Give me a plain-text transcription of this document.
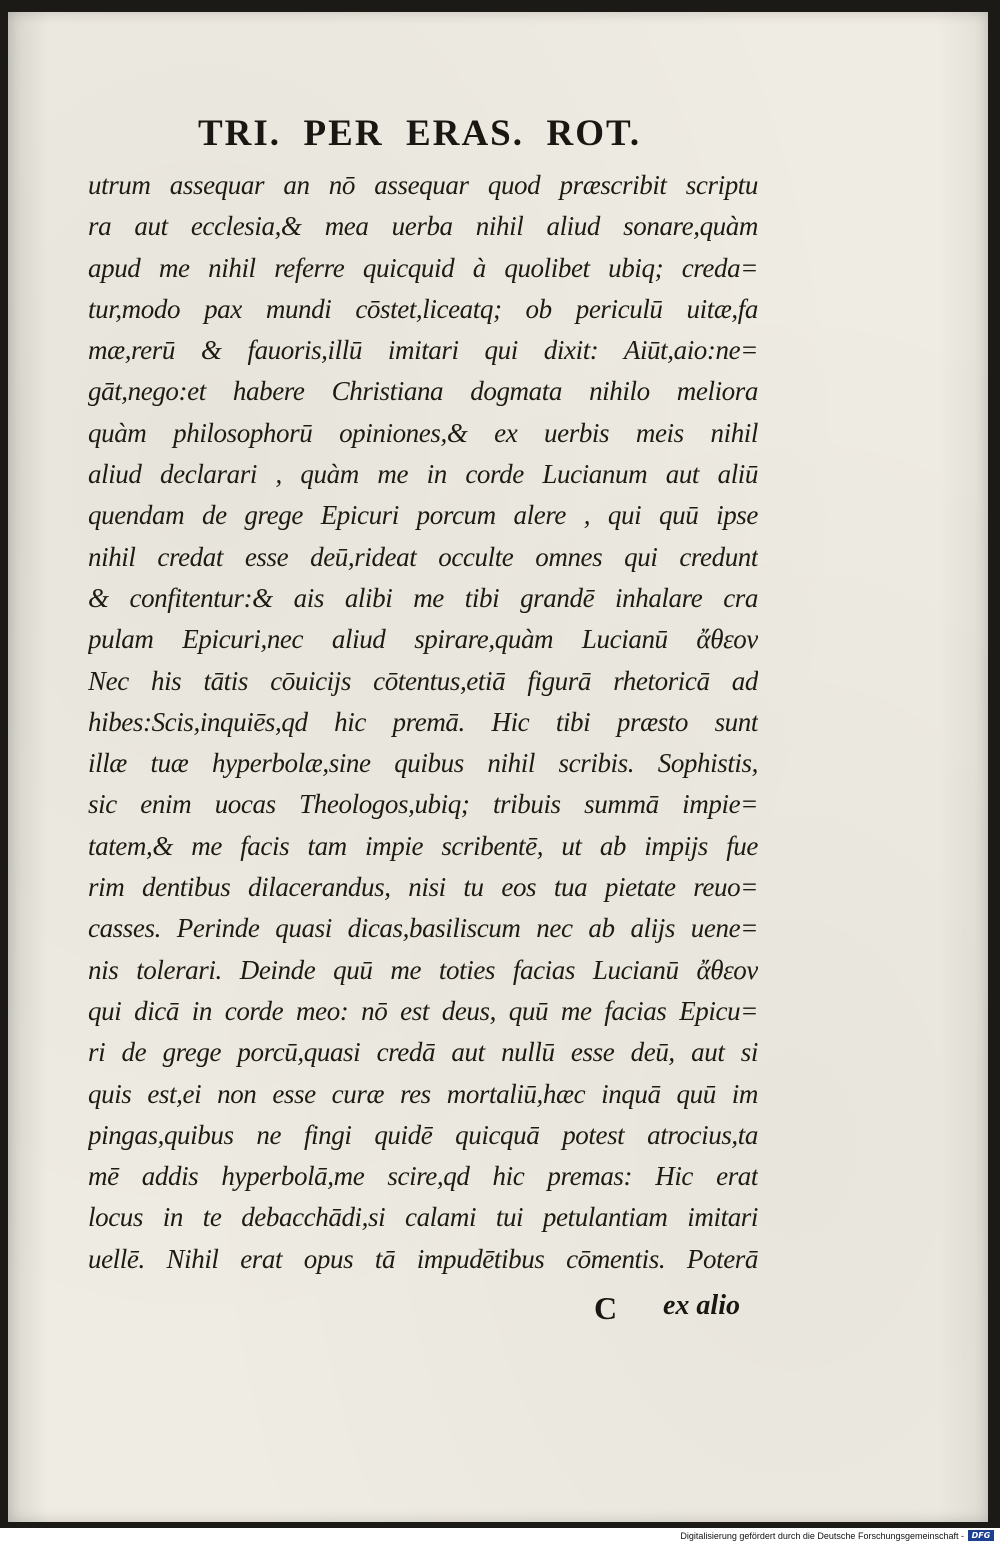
TRI.  PER  ERAS.  ROT.
utrum assequar an nō assequar quod præscribit scriptu
ra aut ecclesia,& mea uerba nihil aliud sonare,quàm
apud me nihil referre quicquid à quolibet ubiq; creda=
tur,modo pax mundi cōstet,liceatq; ob periculū uitæ,fa
mæ,rerū & fauoris,illū imitari qui dixit: Aiūt,aio:ne=
gāt,nego:et habere Christiana dogmata nihilo meliora
quàm philosophorū opiniones,& ex uerbis meis nihil
aliud declarari , quàm me in corde Lucianum aut aliū
quendam de grege Epicuri porcum alere , qui quū ipse
nihil credat esse deū,rideat occulte omnes qui credunt
& confitentur:& ais alibi me tibi grandē inhalare cra
pulam Epicuri,nec aliud spirare,quàm Lucianū ἄθεον
Nec his tātis cōuicijs cōtentus,etiā figurā rhetoricā ad
hibes:Scis,inquiēs,qd hic premā. Hic tibi præsto sunt
illæ tuæ hyperbolæ,sine quibus nihil scribis. Sophistis,
sic enim uocas Theologos,ubiq; tribuis summā impie=
tatem,& me facis tam impie scribentē, ut ab impijs fue
rim dentibus dilacerandus, nisi tu eos tua pietate reuo=
casses. Perinde quasi dicas,basiliscum nec ab alijs uene=
nis tolerari. Deinde quū me toties facias Lucianū ἄθεον
qui dicā in corde meo: nō est deus, quū me facias Epicu=
ri de grege porcū,quasi credā aut nullū esse deū, aut si
quis est,ei non esse curæ res mortaliū,hæc inquā quū im
pingas,quibus ne fingi quidē quicquā potest atrocius,ta
mē addis hyperbolā,me scire,qd hic premas: Hic erat
locus in te debacchādi,si calami tui petulantiam imitari
uellē. Nihil erat opus tā impudētibus cōmentis. Poterā
C ex alio
Digitalisierung gefördert durch die Deutsche Forschungsgemeinschaft - DFG
